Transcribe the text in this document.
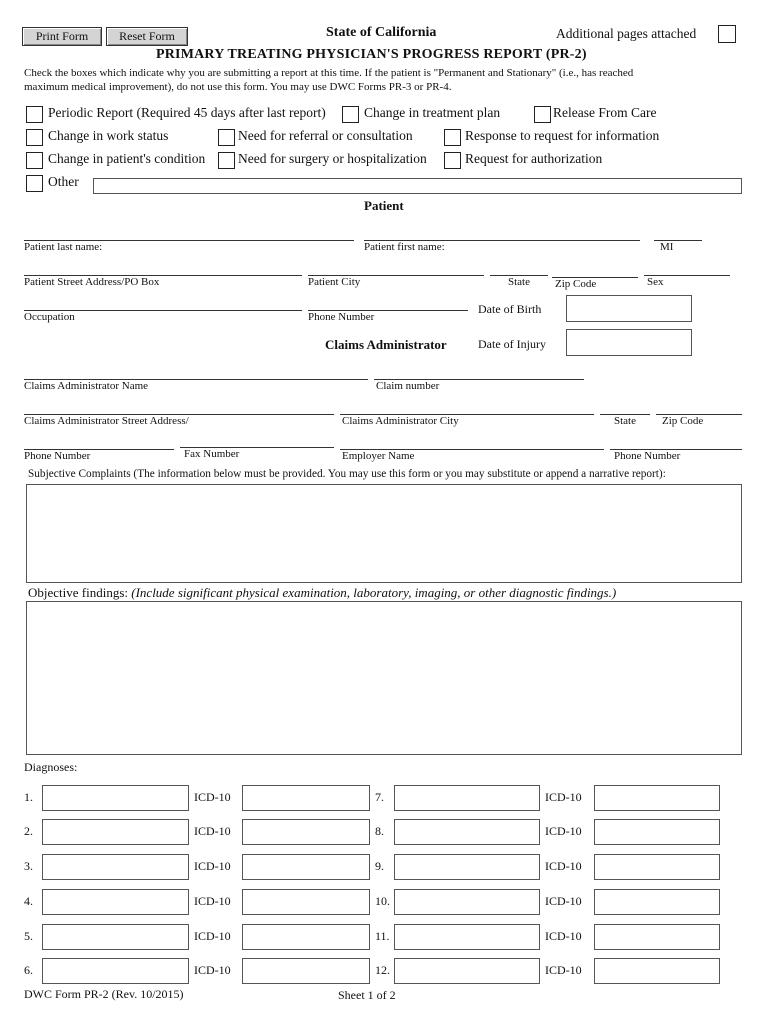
Print Form	Reset Form	State of California	Additional pages attached
PRIMARY TREATING PHYSICIAN'S PROGRESS REPORT (PR-2)
Check the boxes which indicate why you are submitting a report at this time. If the patient is "Permanent and Stationary" (i.e., has reached
maximum medical improvement), do not use this form. You may use DWC Forms PR-3 or PR-4.
Periodic Report (Required 45 days after last report)	Change in treatment plan	Release From Care
Change in work status	Need for referral or consultation	Response to request for information
Change in patient's condition Need for surgery or hospitalization	Request for authorization
Other
Patient
Patient last name:	Patient first name:	MI
Patient Street Address/PO Box	Patient City	State Zip Code	Sex
Occupation	Phone Number
Date of Birth
Claims Administrator	Date of Injury
Claims Administrator Name	Claim number
Claims Administrator Street Address/	Claims Administrator City	State Zip Code
Phone Number	Fax Number	Employer Name	Phone Number
Subjective Complaints (The information below must be provided. You may use this form or you may substitute or append a narrative report):
Objective findings: (Include significant physical examination, laboratory, imaging, or other diagnostic findings.)
Diagnoses:
1.	ICD-10
2.	ICD-10
3.	ICD-10
4.	ICD-10
5.	ICD-10
6.	ICD-10
7.	ICD-10
8.	ICD-10
9.	ICD-10
10.	ICD-10
11.	ICD-10
12.	ICD-10
DWC Form PR-2 (Rev. 10/2015)	Sheet 1 of 2
